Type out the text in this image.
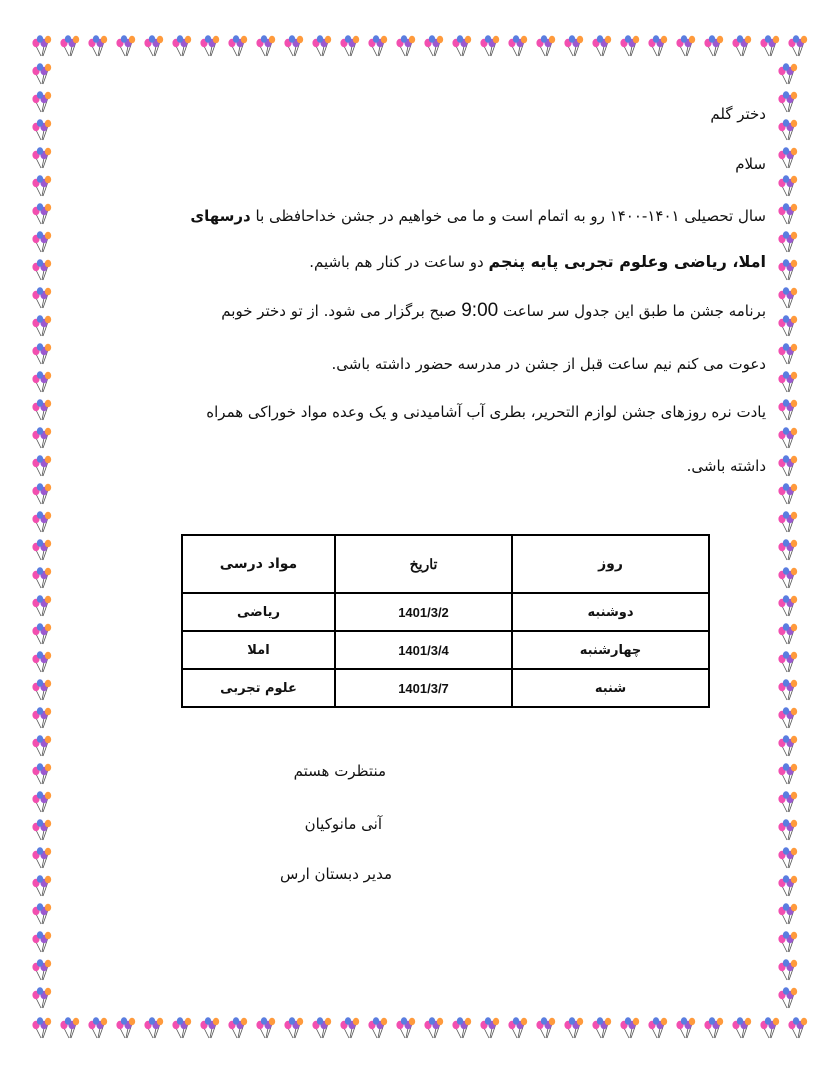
دختر گلم
سلام
سال تحصیلی ۱۴۰۱-۱۴۰۰ رو به اتمام است و ما می خواهیم در جشن خداحافظی با درسهای
املا، ریاضی وعلوم تجربی پایه پنجم دو ساعت در کنار هم باشیم.
برنامه جشن ما طبق این جدول سر ساعت 9:00 صبح برگزار می شود. از تو دختر خوبم
دعوت می کنم نیم ساعت قبل از جشن در مدرسه حضور داشته باشی.
یادت نره روزهای جشن لوازم التحریر، بطری آب آشامیدنی و یک وعده مواد خوراکی همراه
داشته باشی.
روز	تاریخ	مواد درسی
دوشنبه	1401/3/2	ریاضی
چهارشنبه	1401/3/4	املا
شنبه	1401/3/7	علوم تجربی
منتظرت هستم
آنی مانوکیان
مدیر دبستان ارس
